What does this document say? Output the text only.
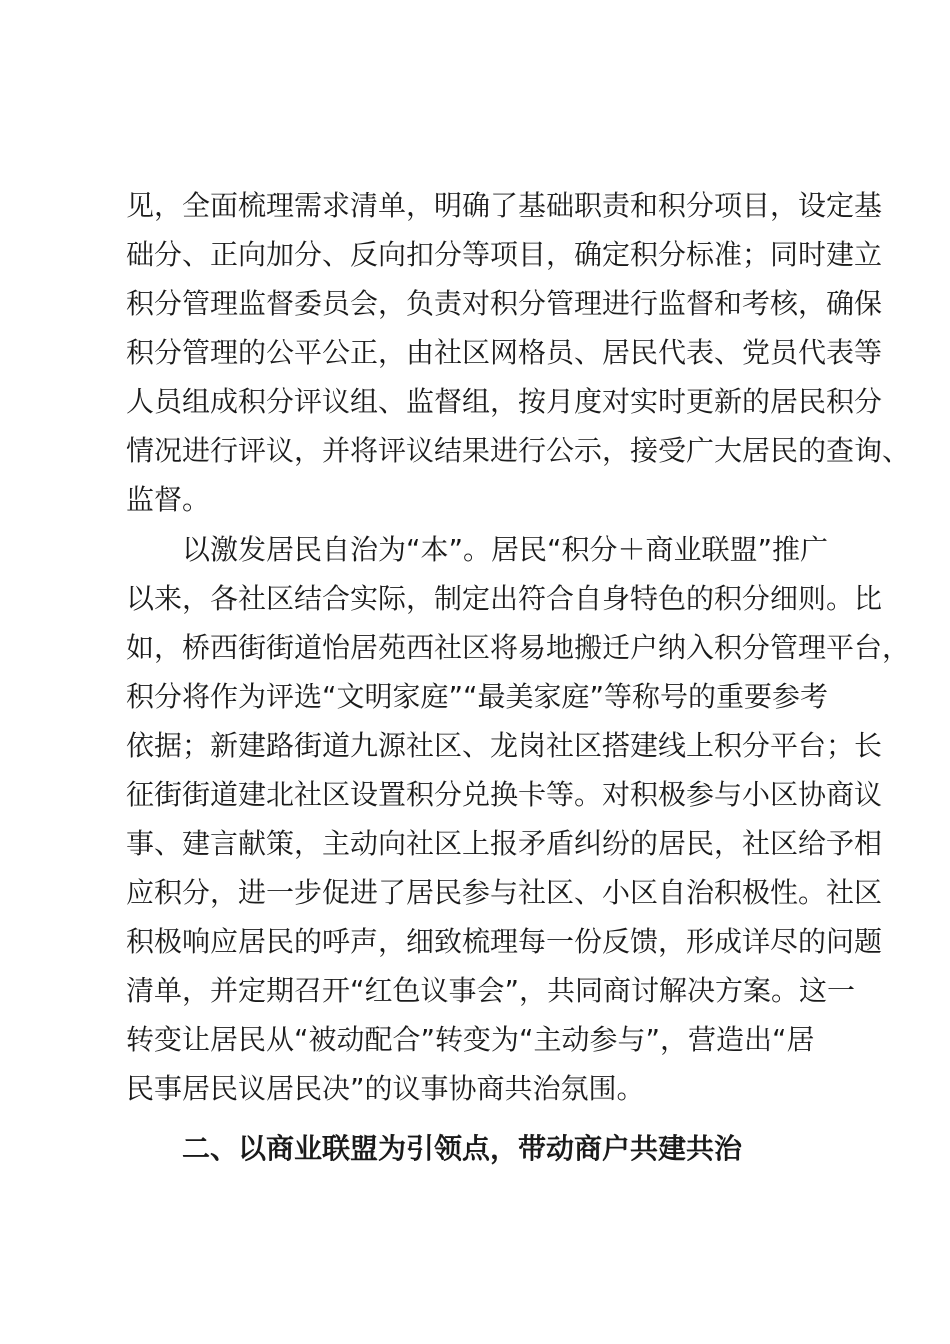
见，全面梳理需求清单，明确了基础职责和积分项目，设定基

础分、正向加分、反向扣分等项目，确定积分标准；同时建立

积分管理监督委员会，负责对积分管理进行监督和考核，确保

积分管理的公平公正，由社区网格员、居民代表、党员代表等

人员组成积分评议组、监督组，按月度对实时更新的居民积分

情况进行评议，并将评议结果进行公示，接受广大居民的查询、

监督。

　　以激发居民自治为“本”。居民“积分＋商业联盟”推广

以来，各社区结合实际，制定出符合自身特色的积分细则。比

如，桥西街街道怡居苑西社区将易地搬迁户纳入积分管理平台，

积分将作为评选“文明家庭”“最美家庭”等称号的重要参考

依据；新建路街道九源社区、龙岗社区搭建线上积分平台；长

征街街道建北社区设置积分兑换卡等。对积极参与小区协商议

事、建言献策，主动向社区上报矛盾纠纷的居民，社区给予相

应积分，进一步促进了居民参与社区、小区自治积极性。社区

积极响应居民的呼声，细致梳理每一份反馈，形成详尽的问题

清单，并定期召开“红色议事会”，共同商讨解决方案。这一

转变让居民从“被动配合”转变为“主动参与”，营造出“居

民事居民议居民决”的议事协商共治氛围。

　　二、以商业联盟为引领点，带动商户共建共治
